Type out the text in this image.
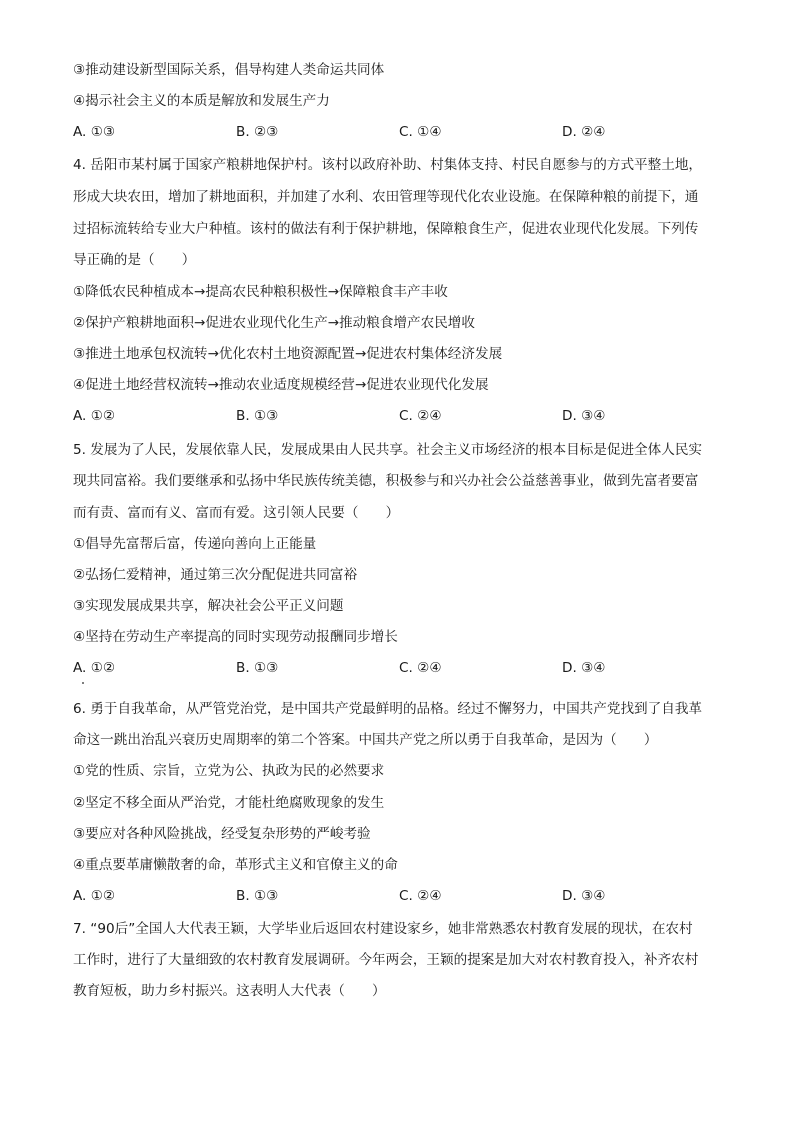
③推动建设新型国际关系，倡导构建人类命运共同体
④揭示社会主义的本质是解放和发展生产力
A. ①③	B. ②③	C. ①④	D. ②④
4. 岳阳市某村属于国家产粮耕地保护村。该村以政府补助、村集体支持、村民自愿参与的方式平整土地，
形成大块农田，增加了耕地面积，并加建了水利、农田管理等现代化农业设施。在保障种粮的前提下，通
过招标流转给专业大户种植。该村的做法有利于保护耕地，保障粮食生产，促进农业现代化发展。下列传
导正确的是（　　）
①降低农民种植成本→提高农民种粮积极性→保障粮食丰产丰收
②保护产粮耕地面积→促进农业现代化生产→推动粮食增产农民增收
③推进土地承包权流转→优化农村土地资源配置→促进农村集体经济发展
④促进土地经营权流转→推动农业适度规模经营→促进农业现代化发展
A. ①②	B. ①③	C. ②④	D. ③④
5. 发展为了人民，发展依靠人民，发展成果由人民共享。社会主义市场经济的根本目标是促进全体人民实
现共同富裕。我们要继承和弘扬中华民族传统美德，积极参与和兴办社会公益慈善事业，做到先富者要富
而有责、富而有义、富而有爱。这引领人民要（　　）
①倡导先富帮后富，传递向善向上正能量
②弘扬仁爱精神，通过第三次分配促进共同富裕
③实现发展成果共享，解决社会公平正义问题
④坚持在劳动生产率提高的同时实现劳动报酬同步增长
A. ①②	B. ①③	C. ②④	D. ③④
6. 勇于自我革命，从严管党治党，是中国共产党最鲜明的品格。经过不懈努力，中国共产党找到了自我革
命这一跳出治乱兴衰历史周期率的第二个答案。中国共产党之所以勇于自我革命，是因为（　　）
①党的性质、宗旨，立党为公、执政为民的必然要求
②坚定不移全面从严治党，才能杜绝腐败现象的发生
③要应对各种风险挑战，经受复杂形势的严峻考验
④重点要革庸懒散奢的命，革形式主义和官僚主义的命
A. ①②	B. ①③	C. ②④	D. ③④
7. “90后”全国人大代表王颖，大学毕业后返回农村建设家乡，她非常熟悉农村教育发展的现状，在农村
工作时，进行了大量细致的农村教育发展调研。今年两会，王颖的提案是加大对农村教育投入，补齐农村
教育短板，助力乡村振兴。这表明人大代表（　　）
